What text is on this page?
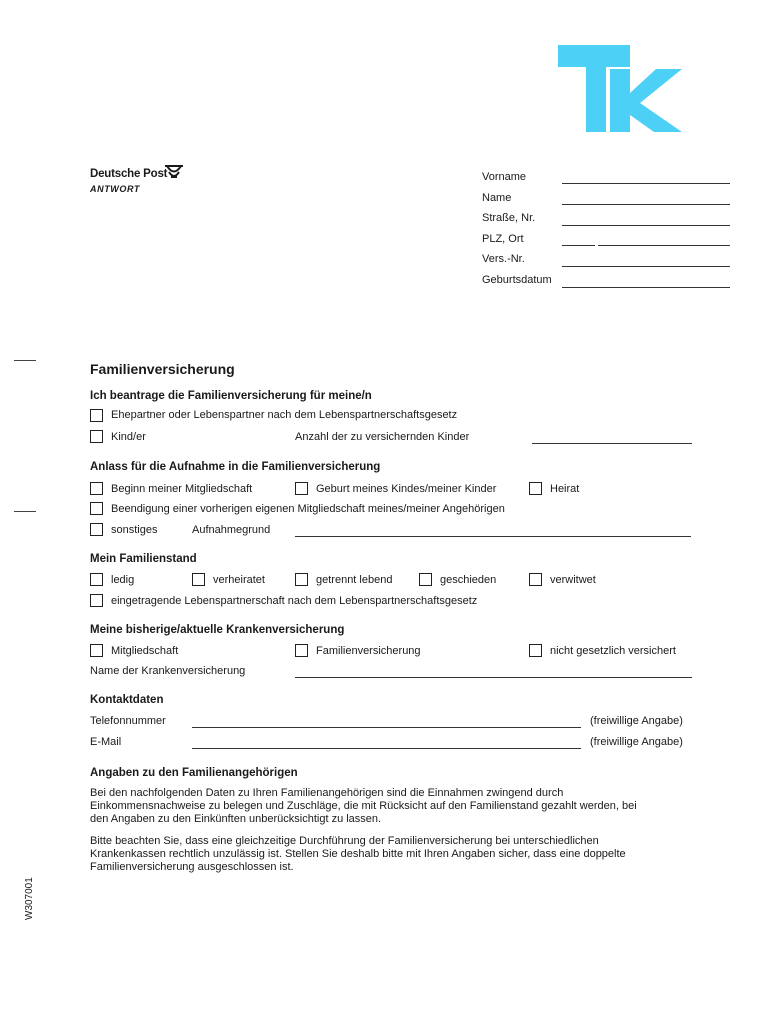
Deutsche Post
ANTWORT
Vorname
Name
Straße, Nr.
PLZ, Ort
Vers.-Nr.
Geburtsdatum
Familienversicherung
Ich beantrage die Familienversicherung für meine/n
Ehepartner oder Lebenspartner nach dem Lebenspartnerschaftsgesetz
Kind/er	Anzahl der zu versichernden Kinder
Anlass für die Aufnahme in die Familienversicherung
Beginn meiner Mitgliedschaft	Geburt meines Kindes/meiner Kinder	Heirat
Beendigung einer vorherigen eigenen Mitgliedschaft meines/meiner Angehörigen
sonstiges	Aufnahmegrund
Mein Familienstand
ledig	verheiratet	getrennt lebend	geschieden	verwitwet
eingetragende Lebenspartnerschaft nach dem Lebenspartnerschaftsgesetz
Meine bisherige/aktuelle Krankenversicherung
Mitgliedschaft	Familienversicherung	nicht gesetzlich versichert
Name der Krankenversicherung
Kontaktdaten
Telefonnummer	(freiwillige Angabe)
E-Mail	(freiwillige Angabe)
Angaben zu den Familienangehörigen
Bei den nachfolgenden Daten zu Ihren Familienangehörigen sind die Einnahmen zwingend durch
Einkommensnachweise zu belegen und Zuschläge, die mit Rücksicht auf den Familienstand gezahlt werden, bei
den Angaben zu den Einkünften unberücksichtigt zu lassen.
Bitte beachten Sie, dass eine gleichzeitige Durchführung der Familienversicherung bei unterschiedlichen
Krankenkassen rechtlich unzulässig ist. Stellen Sie deshalb bitte mit Ihren Angaben sicher, dass eine doppelte
Familienversicherung ausgeschlossen ist.
W307001
